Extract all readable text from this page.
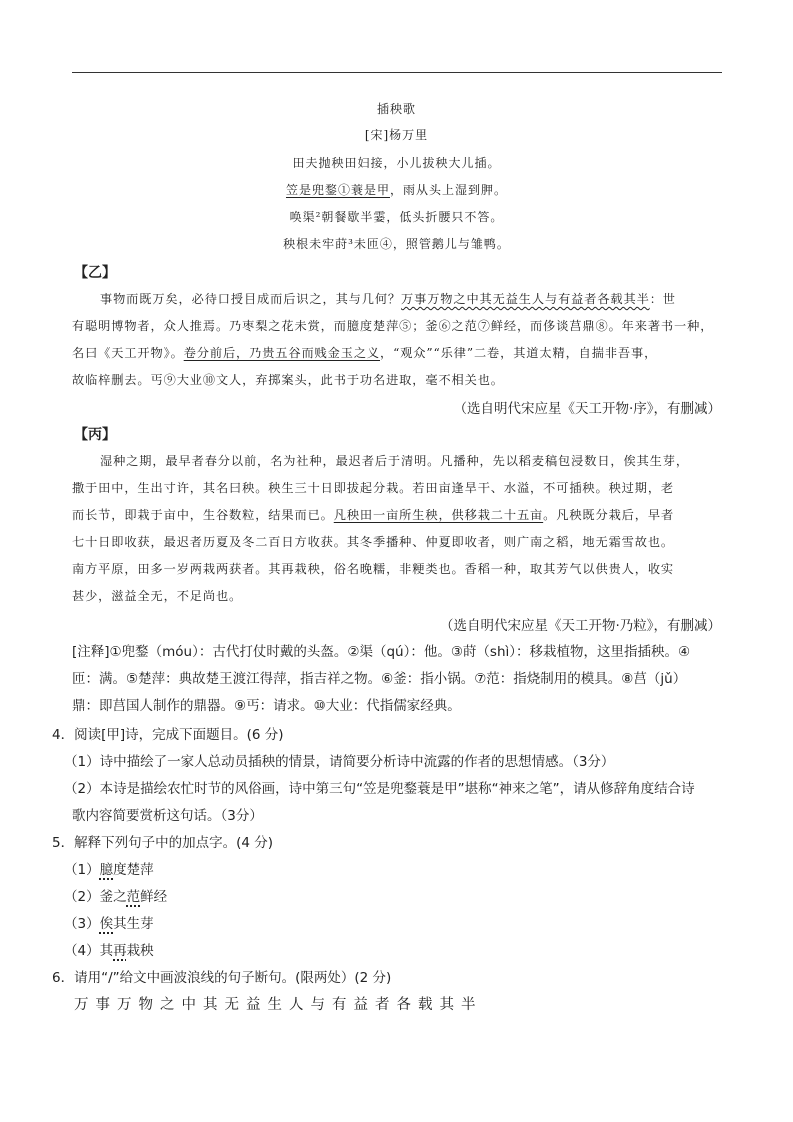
插秧歌
[宋]杨万里
田夫抛秧田妇接，小儿拔秧大儿插。
笠是兜鍪①蓑是甲，雨从头上湿到胛。
唤渠²朝餐歇半霎，低头折腰只不答。
秧根未牢莳³未匝④，照管鹅儿与雏鸭。
【乙】
事物而既万矣，必待口授目成而后识之，其与几何？万事万物之中其无益生人与有益者各载其半：世
有聪明博物者，众人推焉。乃枣梨之花未赏，而臆度楚萍⑤；釜⑥之范⑦鲜经，而侈谈莒鼎⑧。年来著书一种，
名曰《天工开物》。卷分前后，乃贵五谷而贱金玉之义，“观众”“乐律”二卷，其道太精，自揣非吾事，
故临梓删去。丐⑨大业⑩文人，弃掷案头，此书于功名进取，毫不相关也。
（选自明代宋应星《天工开物·序》，有删减）
【丙】
湿种之期，最早者春分以前，名为社种，最迟者后于清明。凡播种，先以稻麦稿包浸数日，俟其生芽，
撒于田中，生出寸许，其名曰秧。秧生三十日即拔起分栽。若田亩逢旱干、水溢，不可插秧。秧过期，老
而长节，即栽于亩中，生谷数粒，结果而已。凡秧田一亩所生秧，供移栽二十五亩。凡秧既分栽后，早者
七十日即收获，最迟者历夏及冬二百日方收获。其冬季播种、仲夏即收者，则广南之稻，地无霜雪故也。
南方平原，田多一岁两栽两获者。其再栽秧，俗名晚糯，非粳类也。香稻一种，取其芳气以供贵人，收实
甚少，滋益全无，不足尚也。
（选自明代宋应星《天工开物·乃粒》，有删减）
[注释]①兜鍪（móu）：古代打仗时戴的头盔。②渠（qú）：他。③莳（shì）：移栽植物，这里指插秧。④
匝：满。⑤楚萍：典故楚王渡江得萍，指吉祥之物。⑥釜：指小锅。⑦范：指烧制用的模具。⑧莒（jǔ）
鼎：即莒国人制作的鼎器。⑨丐：请求。⑩大业：代指儒家经典。
4．阅读[甲]诗，完成下面题目。(6 分)
（1）诗中描绘了一家人总动员插秧的情景，请简要分析诗中流露的作者的思想情感。（3分）
（2）本诗是描绘农忙时节的风俗画，诗中第三句“笠是兜鍪蓑是甲”堪称“神来之笔”，请从修辞角度结合诗
歌内容简要赏析这句话。（3分）
5．解释下列句子中的加点字。(4 分)
（1）臆度楚萍
（2）釜之范鲜经
（3）俟其生芽
（4）其再栽秧
6．请用“/”给文中画波浪线的句子断句。(限两处）(2 分)
万事万物之中其无益生人与有益者各载其半
